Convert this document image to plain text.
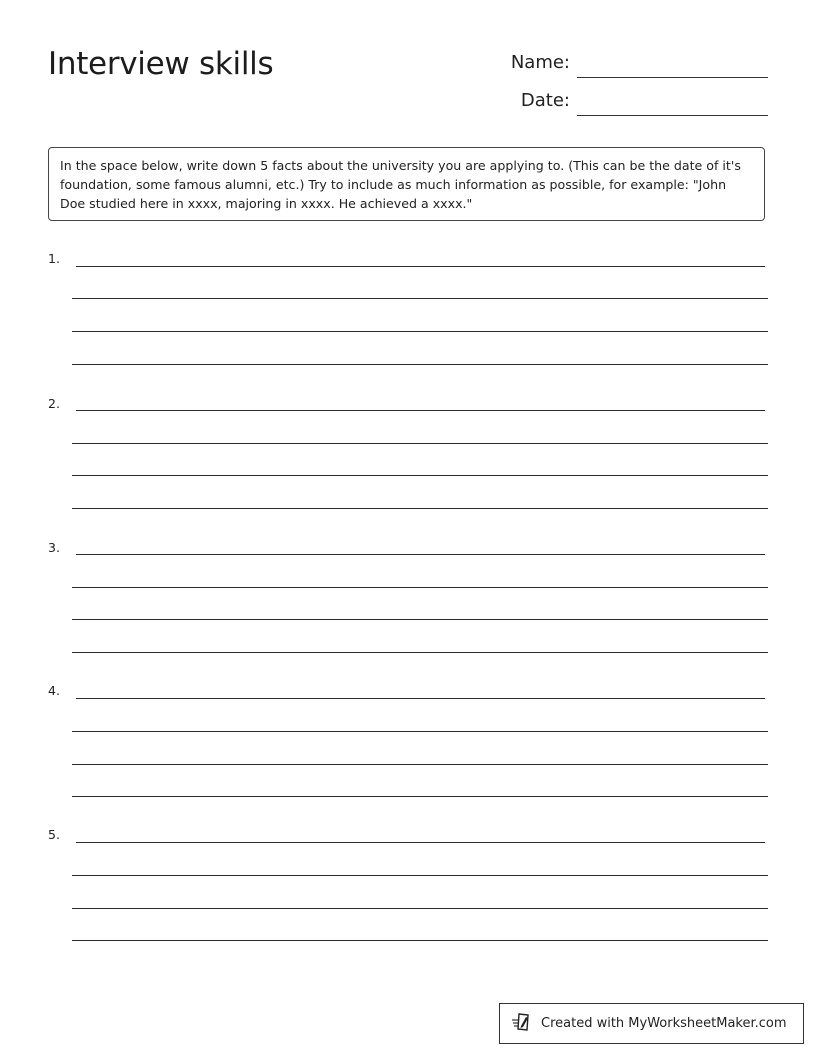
Interview skills	Name:
Date:
In the space below, write down 5 facts about the university you are applying to. (This can be the date of it's foundation, some famous alumni, etc.) Try to include as much information as possible, for example: "John Doe studied here in xxxx, majoring in xxxx. He achieved a xxxx."
1.
2.
3.
4.
5.
Created with MyWorksheetMaker.com
